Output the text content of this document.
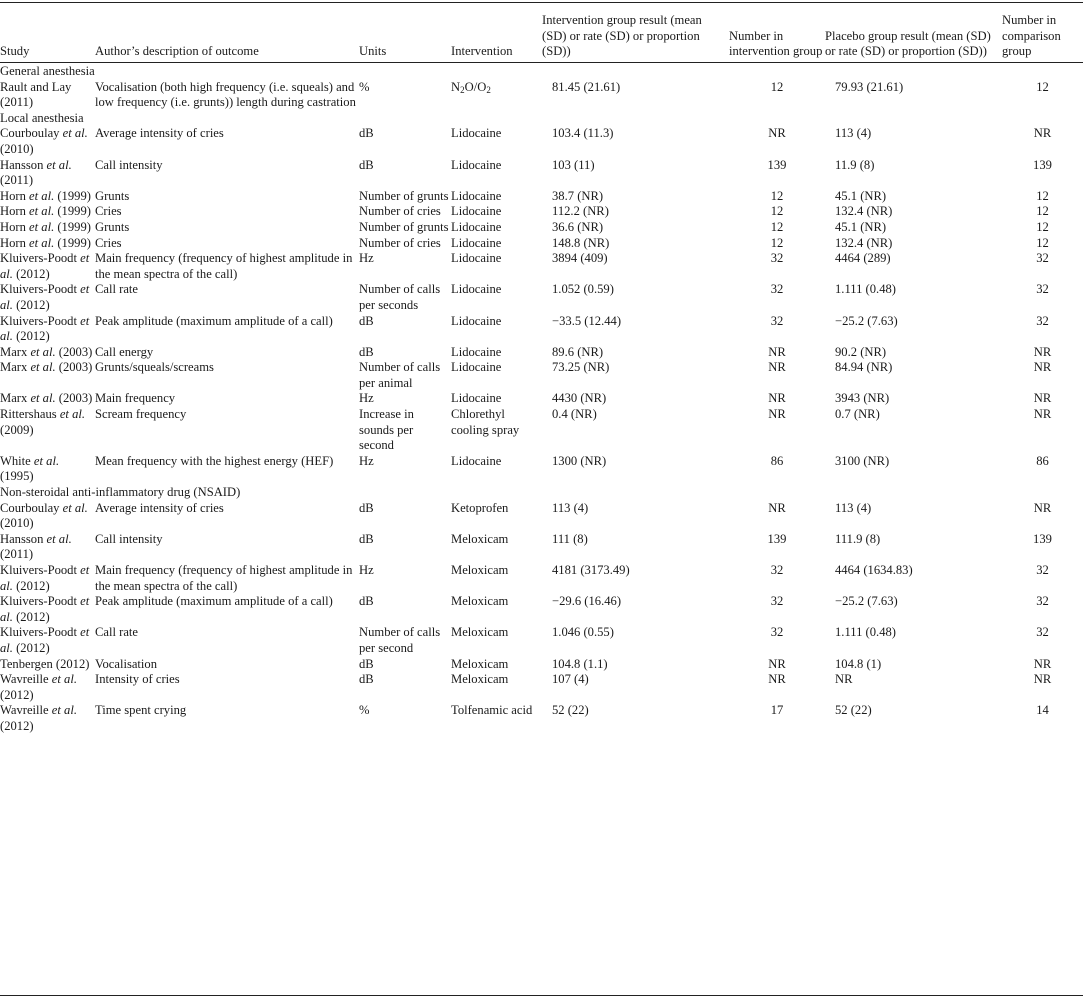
Study	Author’s description of outcome	Units	Intervention	Intervention group result (mean (SD) or rate (SD) or proportion (SD))	Number in intervention group	Placebo group result (mean (SD) or rate (SD) or proportion (SD))	Number in comparison group
General anesthesia							
Rault and Lay (2011)	Vocalisation (both high frequency (i.e. squeals) and low frequency (i.e. grunts)) length during castration	%	$N_2O/O_2$	81.45 (21.61)	12	79.93 (21.61)	12
Local anesthesia							
Courboulay et al. (2010)	Average intensity of cries	dB	Lidocaine	103.4 (11.3)	NR	113 (4)	NR
Hansson et al. (2011)	Call intensity	dB	Lidocaine	103 (11)	139	11.9 (8)	139
Horn et al. (1999)	Grunts	Number of grunts	Lidocaine	38.7 (NR)	12	45.1 (NR)	12
Horn et al. (1999)	Cries	Number of cries	Lidocaine	112.2 (NR)	12	132.4 (NR)	12
Horn et al. (1999)	Grunts	Number of grunts	Lidocaine	36.6 (NR)	12	45.1 (NR)	12
Horn et al. (1999)	Cries	Number of cries	Lidocaine	148.8 (NR)	12	132.4 (NR)	12
Kluivers-Poodt et al. (2012)	Main frequency (frequency of highest amplitude in the mean spectra of the call)	Hz	Lidocaine	3894 (409)	32	4464 (289)	32
Kluivers-Poodt et al. (2012)	Call rate	Number of calls per seconds	Lidocaine	1.052 (0.59)	32	1.111 (0.48)	32
Kluivers-Poodt et al. (2012)	Peak amplitude (maximum amplitude of a call)	dB	Lidocaine	−33.5 (12.44)	32	−25.2 (7.63)	32
Marx et al. (2003)	Call energy	dB	Lidocaine	89.6 (NR)	NR	90.2 (NR)	NR
Marx et al. (2003)	Grunts/squeals/screams	Number of calls per animal	Lidocaine	73.25 (NR)	NR	84.94 (NR)	NR
Marx et al. (2003)	Main frequency	Hz	Lidocaine	4430 (NR)	NR	3943 (NR)	NR
Rittershaus et al. (2009)	Scream frequency	Increase in sounds per second	Chlorethyl cooling spray	0.4 (NR)	NR	0.7 (NR)	NR
White et al. (1995)	Mean frequency with the highest energy (HEF)	Hz	Lidocaine	1300 (NR)	86	3100 (NR)	86
Non-steroidal anti-inflammatory drug (NSAID)							
Courboulay et al. (2010)	Average intensity of cries	dB	Ketoprofen	113 (4)	NR	113 (4)	NR
Hansson et al. (2011)	Call intensity	dB	Meloxicam	111 (8)	139	111.9 (8)	139
Kluivers-Poodt et al. (2012)	Main frequency (frequency of highest amplitude in the mean spectra of the call)	Hz	Meloxicam	4181 (3173.49)	32	4464 (1634.83)	32
Kluivers-Poodt et al. (2012)	Peak amplitude (maximum amplitude of a call)	dB	Meloxicam	−29.6 (16.46)	32	−25.2 (7.63)	32
Kluivers-Poodt et al. (2012)	Call rate	Number of calls per second	Meloxicam	1.046 (0.55)	32	1.111 (0.48)	32
Tenbergen (2012)	Vocalisation	dB	Meloxicam	104.8 (1.1)	NR	104.8 (1)	NR
Wavreille et al. (2012)	Intensity of cries	dB	Meloxicam	107 (4)	NR	NR	NR
Wavreille et al. (2012)	Time spent crying	%	Tolfenamic acid	52 (22)	17	52 (22)	14
